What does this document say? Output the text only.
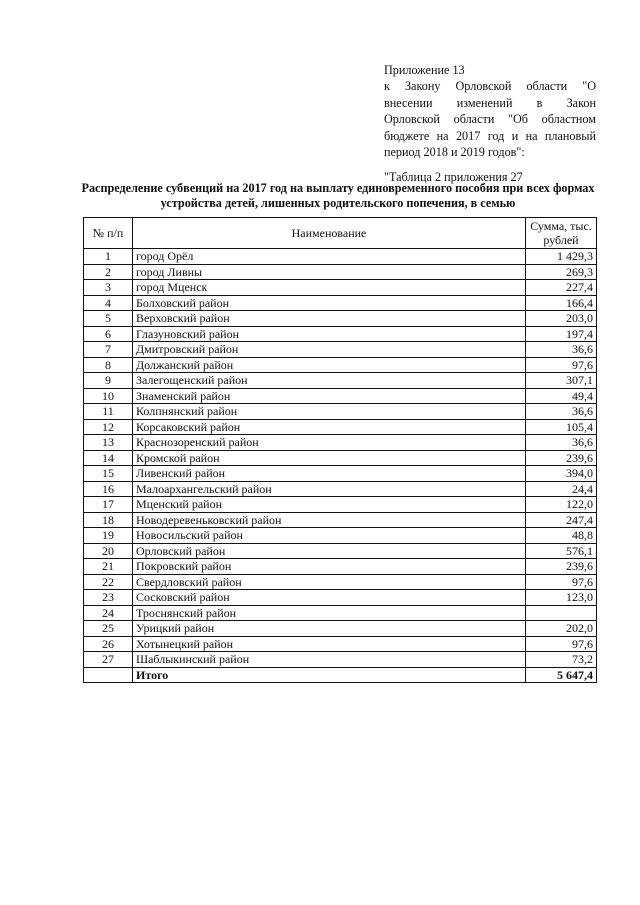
Приложение 13
к Закону Орловской области "О
внесении изменений в Закон
Орловской области "Об областном
бюджете на 2017 год и на плановый
период 2018 и 2019 годов":
"Таблица 2 приложения 27
Распределение субвенций на 2017 год на выплату единовременного пособия при всех формах устройства детей, лишенных родительского попечения, в семью
№ п/п	Наименование	Сумма, тыс. рублей
1	город Орёл	1 429,3
2	город Ливны	269,3
3	город Мценск	227,4
4	Болховский район	166,4
5	Верховский район	203,0
6	Глазуновский район	197,4
7	Дмитровский район	36,6
8	Должанский район	97,6
9	Залегощенский район	307,1
10	Знаменский район	49,4
11	Колпнянский район	36,6
12	Корсаковский район	105,4
13	Краснозоренский район	36,6
14	Кромской район	239,6
15	Ливенский район	394,0
16	Малоархангельский район	24,4
17	Мценский район	122,0
18	Новодеревеньковский район	247,4
19	Новосильский район	48,8
20	Орловский район	576,1
21	Покровский район	239,6
22	Свердловский район	97,6
23	Сосковский район	123,0
24	Троснянский район	
25	Урицкий район	202,0
26	Хотынецкий район	97,6
27	Шаблыкинский район	73,2
	Итого	5 647,4
